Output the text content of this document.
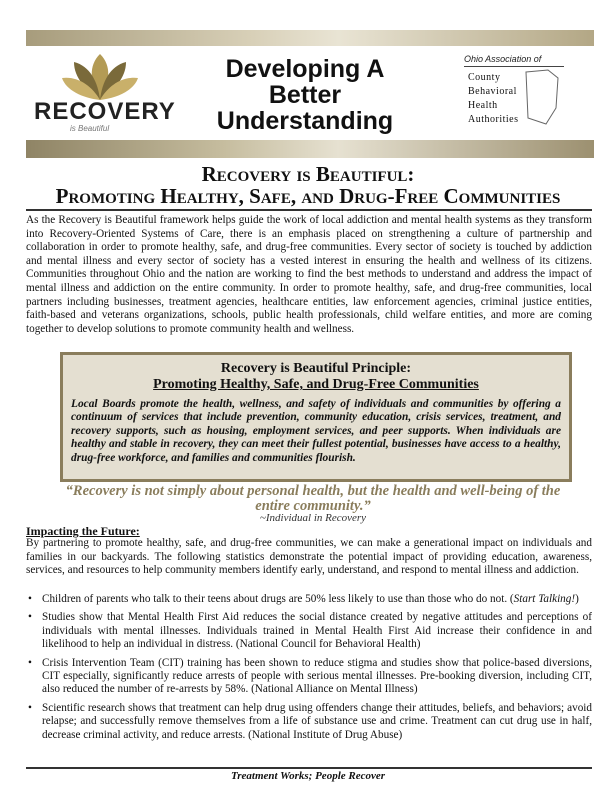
RECOVERY
is Beautiful
Developing A
Better
Understanding
Ohio Association of
County
Behavioral
Health
Authorities
Recovery is Beautiful:
Promoting Healthy, Safe, and Drug-Free Communities
As the Recovery is Beautiful framework helps guide the work of local addiction and mental health systems as they transform into Recovery-Oriented Systems of Care, there is an emphasis placed on strengthening a culture of partnership and collaboration in order to promote healthy, safe, and drug-free communities. Every sector of society is touched by addiction and mental illness and every sector of society has a vested interest in ensuring the health and wellness of its citizens. Communities throughout Ohio and the nation are working to find the best methods to understand and address the impact of mental illness and addiction on the entire community. In order to promote healthy, safe, and drug-free communities, local partners including businesses, treatment agencies, healthcare entities, law enforcement agencies, criminal justice entities, faith-based and veterans organizations, schools, public health professionals, child welfare entities, and more are coming together to develop solutions to promote community health and wellness.
Recovery is Beautiful Principle:
Promoting Healthy, Safe, and Drug-Free Communities
Local Boards promote the health, wellness, and safety of individuals and communities by offering a continuum of services that include prevention, community education, crisis services, treatment, and recovery supports, such as housing, employment services, and peer supports. When individuals are healthy and stable in recovery, they can meet their fullest potential, businesses have access to a healthy, drug-free workforce, and families and communities flourish.
“Recovery is not simply about personal health, but the health and well-being of the entire community.”
~Individual in Recovery
Impacting the Future:
By partnering to promote healthy, safe, and drug-free communities, we can make a generational impact on individuals and families in our backyards. The following statistics demonstrate the potential impact of providing education, awareness, services, and resources to help community members identify early, understand, and respond to mental illness and addiction.
• Children of parents who talk to their teens about drugs are 50% less likely to use than those who do not. (Start Talking!)
• Studies show that Mental Health First Aid reduces the social distance created by negative attitudes and perceptions of individuals with mental illnesses. Individuals trained in Mental Health First Aid increase their confidence in and likelihood to help an individual in distress. (National Council for Behavioral Health)
• Crisis Intervention Team (CIT) training has been shown to reduce stigma and studies show that police-based diversions, CIT especially, significantly reduce arrests of people with serious mental illnesses. Pre-booking diversion, including CIT, also reduced the number of re-arrests by 58%. (National Alliance on Mental Illness)
• Scientific research shows that treatment can help drug using offenders change their attitudes, beliefs, and behaviors; avoid relapse; and successfully remove themselves from a life of substance use and crime. Treatment can cut drug use in half, decrease criminal activity, and reduce arrests. (National Institute of Drug Abuse)
Treatment Works; People Recover
